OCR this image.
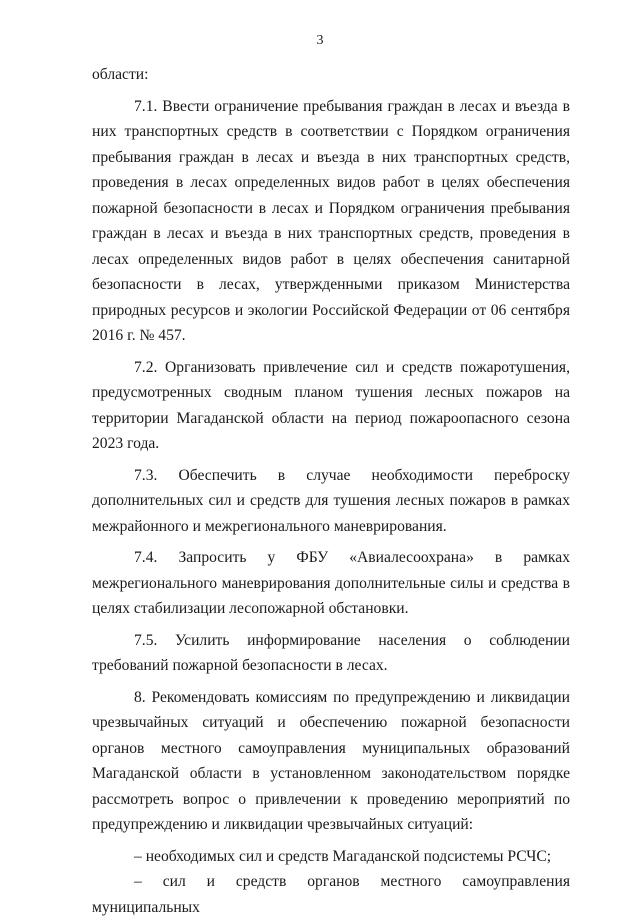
3

области:

7.1. Ввести ограничение пребывания граждан в лесах и въезда в них транспортных средств в соответствии с Порядком ограничения пребывания граждан в лесах и въезда в них транспортных средств, проведения в лесах определенных видов работ в целях обеспечения пожарной безопасности в лесах и Порядком ограничения пребывания граждан в лесах и въезда в них транспортных средств, проведения в лесах определенных видов работ в целях обеспечения санитарной безопасности в лесах, утвержденными приказом Министерства природных ресурсов и экологии Российской Федерации от 06 сентября 2016 г. № 457.

7.2. Организовать привлечение сил и средств пожаротушения, предусмотренных сводным планом тушения лесных пожаров на территории Магаданской области на период пожароопасного сезона 2023 года.

7.3. Обеспечить в случае необходимости переброску дополнительных сил и средств для тушения лесных пожаров в рамках межрайонного и межрегионального маневрирования.

7.4. Запросить у ФБУ «Авиалесоохрана» в рамках межрегионального маневрирования дополнительные силы и средства в целях стабилизации лесопожарной обстановки.

7.5. Усилить информирование населения о соблюдении требований пожарной безопасности в лесах.

8. Рекомендовать комиссиям по предупреждению и ликвидации чрезвычайных ситуаций и обеспечению пожарной безопасности органов местного самоуправления муниципальных образований Магаданской области в установленном законодательством порядке рассмотреть вопрос о привлечении к проведению мероприятий по предупреждению и ликвидации чрезвычайных ситуаций:

– необходимых сил и средств Магаданской подсистемы РСЧС;

– сил и средств органов местного самоуправления муниципальных
